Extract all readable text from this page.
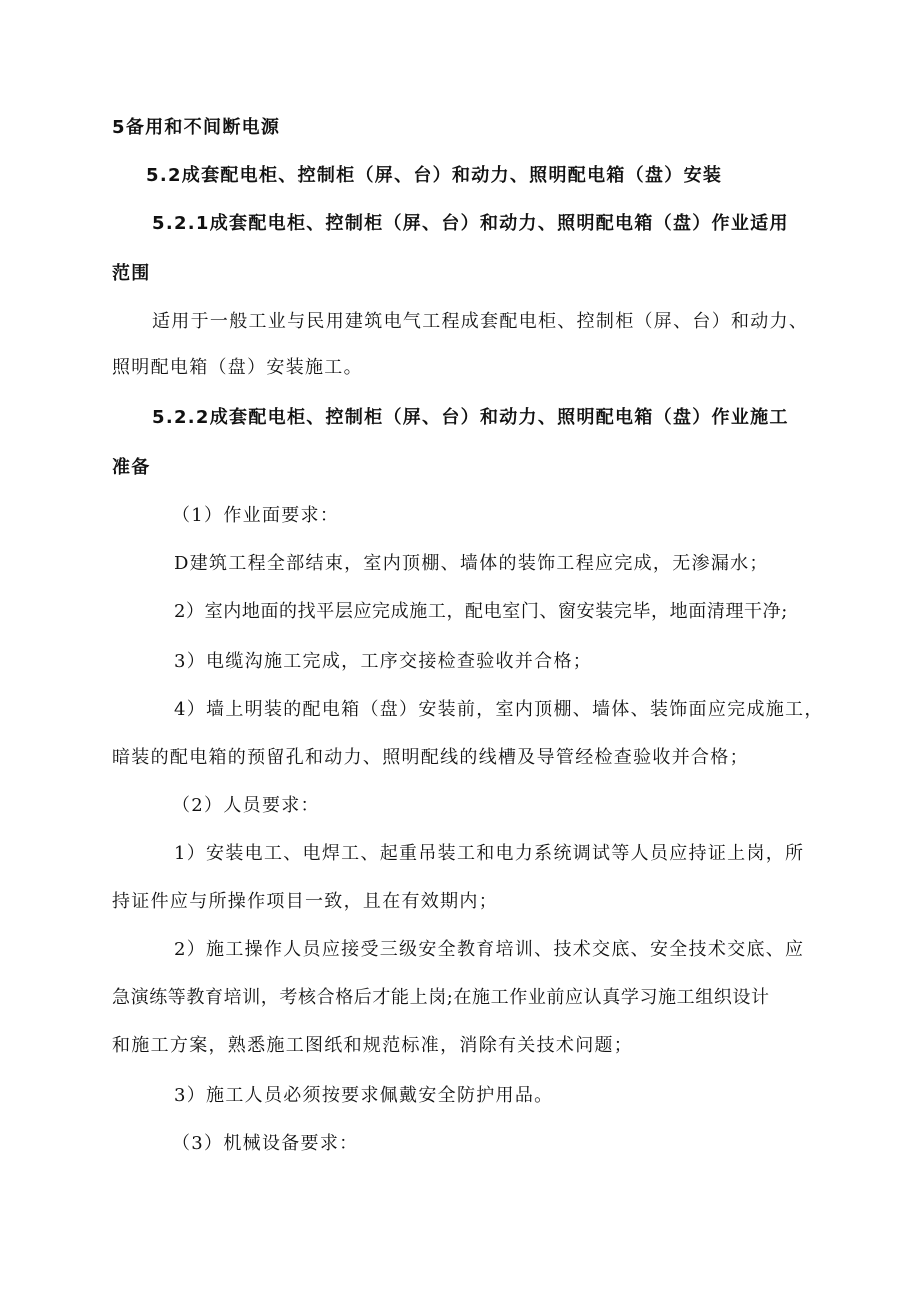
5备用和不间断电源
5.2成套配电柜、控制柜（屏、台）和动力、照明配电箱（盘）安装
5.2.1成套配电柜、控制柜（屏、台）和动力、照明配电箱（盘）作业适用
范围
适用于一般工业与民用建筑电气工程成套配电柜、控制柜（屏、台）和动力、
照明配电箱（盘）安装施工。
5.2.2成套配电柜、控制柜（屏、台）和动力、照明配电箱（盘）作业施工
准备
（1）作业面要求：
D建筑工程全部结束，室内顶棚、墙体的装饰工程应完成，无渗漏水；
2）室内地面的找平层应完成施工，配电室门、窗安装完毕，地面清理干净;
3）电缆沟施工完成，工序交接检查验收并合格；
4）墙上明装的配电箱（盘）安装前，室内顶棚、墙体、装饰面应完成施工，
暗装的配电箱的预留孔和动力、照明配线的线槽及导管经检查验收并合格；
（2）人员要求：
1）安装电工、电焊工、起重吊装工和电力系统调试等人员应持证上岗，所
持证件应与所操作项目一致，且在有效期内；
2）施工操作人员应接受三级安全教育培训、技术交底、安全技术交底、应
急演练等教育培训，考核合格后才能上岗;在施工作业前应认真学习施工组织设计
和施工方案，熟悉施工图纸和规范标准，消除有关技术问题；
3）施工人员必须按要求佩戴安全防护用品。
（3）机械设备要求：
